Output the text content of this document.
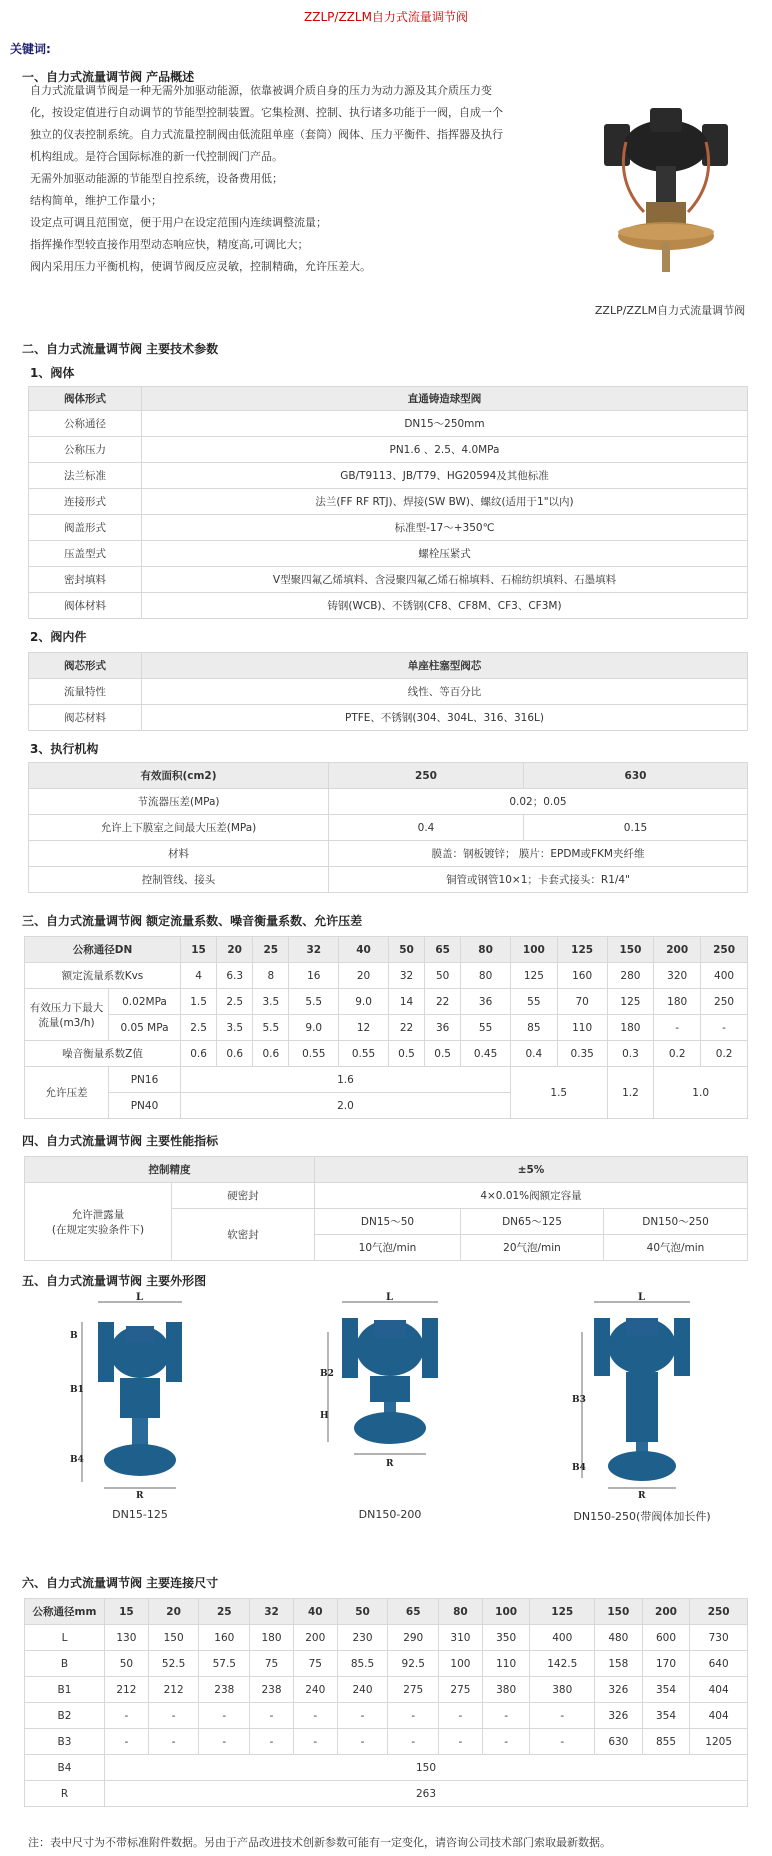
ZZLP/ZZLM自力式流量调节阀
关键词:
一、自力式流量调节阀 产品概述
自力式流量调节阀是一种无需外加驱动能源，依靠被调介质自身的压力为动力源及其介质压力变
化，按设定值进行自动调节的节能型控制装置。它集检测、控制、执行诸多功能于一阀，自成一个
独立的仪表控制系统。自力式流量控制阀由低流阻单座（套筒）阀体、压力平衡件、指挥器及执行
机构组成。是符合国际标准的新一代控制阀门产品。
无需外加驱动能源的节能型自控系统，设备费用低；
结构简单，维护工作量小；
设定点可调且范围宽，便于用户在设定范围内连续调整流量；
指挥操作型较直接作用型动态响应快，精度高,可调比大；
阀内采用压力平衡机构，使调节阀反应灵敏，控制精确，允许压差大。
ZZLP/ZZLM自力式流量调节阀
二、自力式流量调节阀 主要技术参数
1、阀体
阀体形式	直通铸造球型阀
公称通径	DN15～250mm
公称压力	PN1.6 、2.5、4.0MPa
法兰标准	GB/T9113、JB/T79、HG20594及其他标准
连接形式	法兰(FF RF RTJ)、焊接(SW BW)、螺纹(适用于1"以内)
阀盖形式	标准型-17～+350℃
压盖型式	螺栓压紧式
密封填料	V型聚四氟乙烯填料、含浸聚四氟乙烯石棉填料、石棉纺织填料、石墨填料
阀体材料	铸钢(WCB)、不锈钢(CF8、CF8M、CF3、CF3M)
2、阀内件
阀芯形式	单座柱塞型阀芯
流量特性	线性、等百分比
阀芯材料	PTFE、不锈钢(304、304L、316、316L)
3、执行机构
有效面积(cm2)	250	630
节流器压差(MPa)	0.02；0.05	
允许上下膜室之间最大压差(MPa)	0.4	0.15
材料	膜盖：钢板镀锌； 膜片：EPDM或FKM夹纤维	
控制管线、接头	铜管或钢管10×1；卡套式接头：R1/4"	
三、自力式流量调节阀 额定流量系数、噪音衡量系数、允许压差
公称通径DN		15	20	25	32	40	50	65	80	100	125	150	200	250
额定流量系数Kvs		4	6.3	8	16	20	32	50	80	125	160	280	320	400
有效压力下最大流量(m3/h)	0.02MPa	1.5	2.5	3.5	5.5	9.0	14	22	36	55	70	125	180	250
	0.05 MPa	2.5	3.5	5.5	9.0	12	22	36	55	85	110	180	-	-
噪音衡量系数Z值		0.6	0.6	0.6	0.55	0.55	0.5	0.5	0.45	0.4	0.35	0.3	0.2	0.2
允许压差	PN16	1.6								1.5		1.2	1.0	
	PN40	2.0												
四、自力式流量调节阀 主要性能指标
控制精度		±5%		

允许泄露量
(在规定实验条件下)	硬密封	4×0.01%阀额定容量		
	软密封	DN15～50	DN65～125	DN150～250
		10气泡/min	20气泡/min	40气泡/min
五、自力式流量调节阀 主要外形图
L
B
B1
B4
R
DN15-125
L
B2
H
R
DN150-200
L
B3
B4
R
DN150-250(带阀体加长件)
六、自力式流量调节阀 主要连接尺寸
公称通径mm	15	20	25	32	40	50	65	80	100	125	150	200	250
L	130	150	160	180	200	230	290	310	350	400	480	600	730
B	50	52.5	57.5	75	75	85.5	92.5	100	110	142.5	158	170	640
B1	212	212	238	238	240	240	275	275	380	380	326	354	404
B2	-	-	-	-	-	-	-	-	-	-	326	354	404
B3	-	-	-	-	-	-	-	-	-	-	630	855	1205
B4	150												
R	263												
注：表中尺寸为不带标准附件数据。另由于产品改进技术创新参数可能有一定变化，请咨询公司技术部门索取最新数据。
